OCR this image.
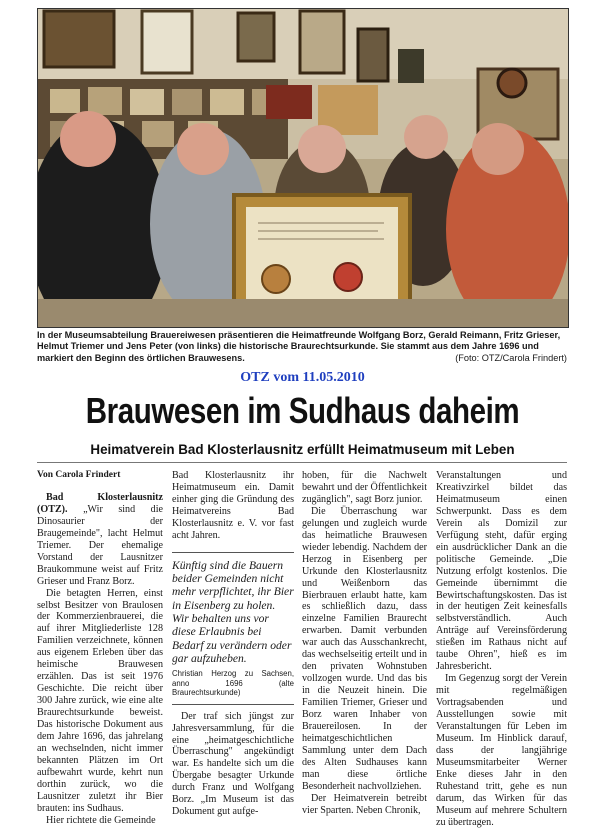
In der Museumsabteilung Brauereiwesen präsentieren die Heimatfreunde Wolfgang Borz, Gerald Reimann, Fritz Grieser, Helmut Triemer und Jens Peter (von links) die historische Braurechtsurkunde. Sie stammt aus dem Jahre 1696 und markiert den Beginn des örtlichen Brauwesens.	(Foto: OTZ/Carola Frindert)
OTZ vom 11.05.2010
Brauwesen im Sudhaus daheim
Heimatverein Bad Klosterlausnitz erfüllt Heimatmuseum mit Leben

Von Carola Frindert

Bad Klosterlausnitz (OTZ). „Wir sind die Dinosaurier der Braugemeinde", lacht Helmut Triemer. Der ehemalige Vorstand der Lausnitzer Braukommune weist auf Fritz Grieser und Franz Borz.

Die betagten Herren, einst selbst Besitzer von Braulosen der Kommerzienbrauerei, die auf ihrer Mitgliederliste 128 Familien verzeichnete, können aus eigenem Erleben über das heimische Brauwesen erzählen. Das ist seit 1976 Geschichte. Die reicht über 300 Jahre zurück, wie eine alte Braurechtsurkunde beweist. Das historische Dokument aus dem Jahre 1696, das jahrelang an wechselnden, nicht immer bekannten Plätzen im Ort aufbewahrt wurde, kehrt nun dorthin zurück, wo die Lausnitzer zuletzt ihr Bier brauten: ins Sudhaus.

Hier richtete die Gemeinde

Bad Klosterlausnitz ihr Heimatmuseum ein. Damit einher ging die Gründung des Heimatvereins Bad Klosterlausnitz e. V. vor fast acht Jahren.

Künftig sind die Bauern beider Gemeinden nicht mehr verpflichtet, ihr Bier in Eisenberg zu holen. Wir behalten uns vor diese Erlaubnis bei Bedarf zu verändern oder gar aufzuheben.
Christian Herzog zu Sachsen, anno 1696 (alte Braurechtsurkunde)

Der traf sich jüngst zur Jahresversammlung, für die eine „heimatgeschichtliche Überraschung" angekündigt war. Es handelte sich um die Übergabe besagter Urkunde durch Franz und Wolfgang Borz. „Im Museum ist das Dokument gut aufge-

hoben, für die Nachwelt bewahrt und der Öffentlichkeit zugänglich", sagt Borz junior.

Die Überraschung war gelungen und zugleich wurde das heimatliche Brauwesen wieder lebendig. Nachdem der Herzog in Eisenberg per Urkunde den Klosterlausnitz und Weißenborn das Bierbrauen erlaubt hatte, kam es schließlich dazu, dass einzelne Familien Braurecht erwarben. Damit verbunden war auch das Ausschankrecht, das wechselseitig erteilt und in den privaten Wohnstuben vollzogen wurde. Und das bis in die Neuzeit hinein. Die Familien Triemer, Grieser und Borz waren Inhaber von Brauereilosen. In der heimatgeschichtlichen Sammlung unter dem Dach des Alten Sudhauses kann man diese örtliche Besonderheit nachvollziehen.

Der Heimatverein betreibt vier Sparten. Neben Chronik,

Veranstaltungen und Kreativzirkel bildet das Heimatmuseum einen Schwerpunkt. Dass es dem Verein als Domizil zur Verfügung steht, dafür erging ein ausdrücklicher Dank an die politische Gemeinde. „Die Nutzung erfolgt kostenlos. Die Gemeinde übernimmt die Bewirtschaftungskosten. Das ist in der heutigen Zeit keinesfalls selbstverständlich. Auch Anträge auf Vereinsförderung stießen im Rathaus nicht auf taube Ohren", hieß es im Jahresbericht.

Im Gegenzug sorgt der Verein mit regelmäßigen Vortragsabenden und Ausstellungen sowie mit Veranstaltungen für Leben im Museum. Im Hinblick darauf, dass der langjährige Museumsmitarbeiter Werner Enke dieses Jahr in den Ruhestand tritt, gehe es nun darum, das Wirken für das Museum auf mehrere Schultern zu übertragen.
